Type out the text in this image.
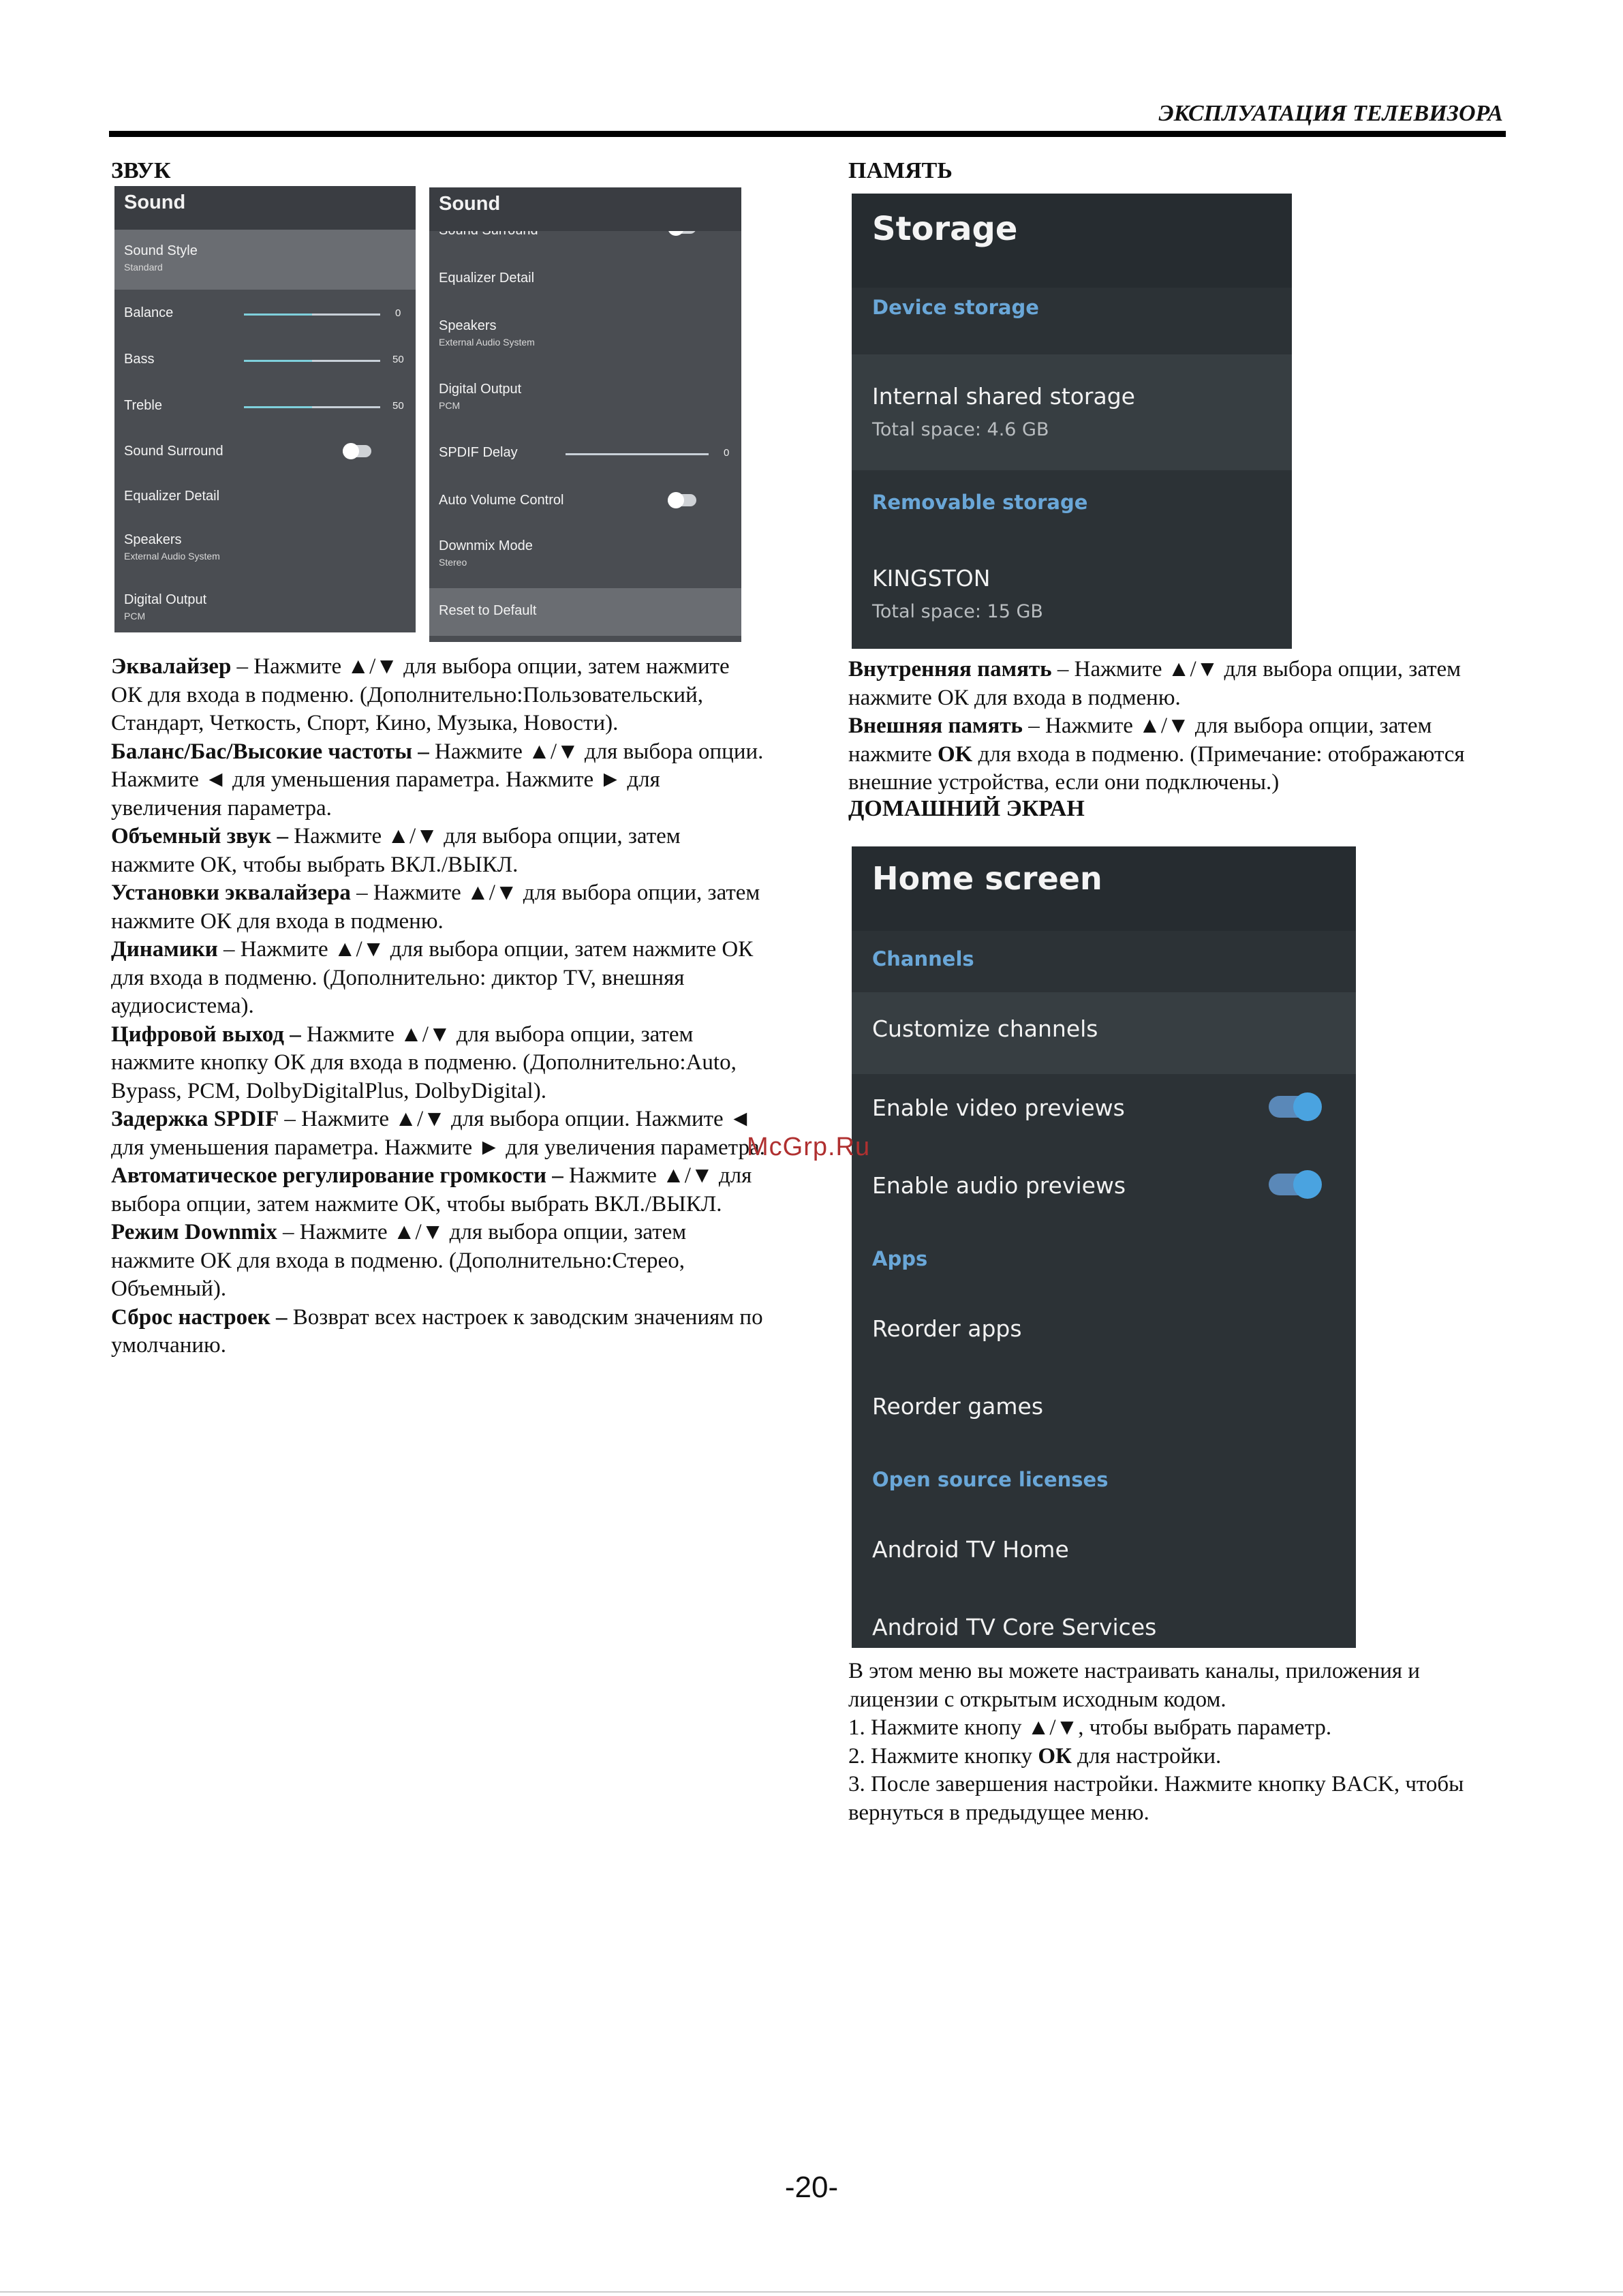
ЭКСПЛУАТАЦИЯ ТЕЛЕВИЗОРА
ЗВУК
Sound
Sound Style
Standard
Balance	0
Bass	50
Treble	50
Sound Surround
Equalizer Detail
Speakers
External Audio System
Digital Output
PCM
Sound
Equalizer Detail
Speakers
External Audio System
Digital Output
PCM
SPDIF Delay	0
Auto Volume Control
Downmix Mode
Stereo
Reset to Default

Эквалайзер – Нажмите ▲/▼ для выбора опции, затем нажмите ОК для входа в подменю. (Дополнительно:Пользовательский, Стандарт, Четкость, Спорт, Кино, Музыка, Новости).

Баланс/Бас/Высокие частоты – Нажмите ▲/▼ для выбора опции. Нажмите ◄ для уменьшения параметра. Нажмите ► для увеличения параметра.

Объемный звук – Нажмите ▲/▼ для выбора опции, затем нажмите ОК, чтобы выбрать ВКЛ./ВЫКЛ.

Установки эквалайзера – Нажмите ▲/▼ для выбора опции, затем нажмите ОК для входа в подменю.

Динамики – Нажмите ▲/▼ для выбора опции, затем нажмите ОК для входа в подменю. (Дополнительно: диктор TV, внешняя аудиосистема).

Цифровой выход – Нажмите ▲/▼ для выбора опции, затем нажмите кнопку ОК для входа в подменю. (Дополнительно:Auto, Bypass, PCM, DolbyDigitalPlus, DolbyDigital).

Задержка SPDIF – Нажмите ▲/▼ для выбора опции. Нажмите ◄ для уменьшения параметра. Нажмите ► для увеличения параметра.

Автоматическое регулирование громкости – Нажмите ▲/▼ для выбора опции, затем нажмите ОК, чтобы выбрать ВКЛ./ВЫКЛ.

Режим Downmix – Нажмите ▲/▼ для выбора опции, затем нажмите ОК для входа в подменю. (Дополнительно:Стерео, Объемный).

Сброс настроек – Возврат всех настроек к заводским значениям по умолчанию.

ПАМЯТЬ
Storage
Device storage
Internal shared storage
Total space: 4.6 GB
Removable storage
KINGSTON
Total space: 15 GB

Внутренняя память – Нажмите ▲/▼ для выбора опции, затем нажмите ОК для входа в подменю.

Внешняя память – Нажмите ▲/▼ для выбора опции, затем нажмите OK для входа в подменю. (Примечание: отображаются внешние устройства, если они подключены.)

ДОМАШНИЙ ЭКРАН
Home screen
Channels
Customize channels
Enable video previews
Enable audio previews
Apps
Reorder apps
Reorder games
Open source licenses
Android TV Home
Android TV Core Services

В этом меню вы можете настраивать каналы, приложения и лицензии с открытым исходным кодом.

1. Нажмите кнопу ▲/▼, чтобы выбрать параметр.

2. Нажмите кнопку ОК для настройки.

3. После завершения настройки. Нажмите кнопку BACK, чтобы вернуться в предыдущее меню.

McGrp.Ru
-20-
